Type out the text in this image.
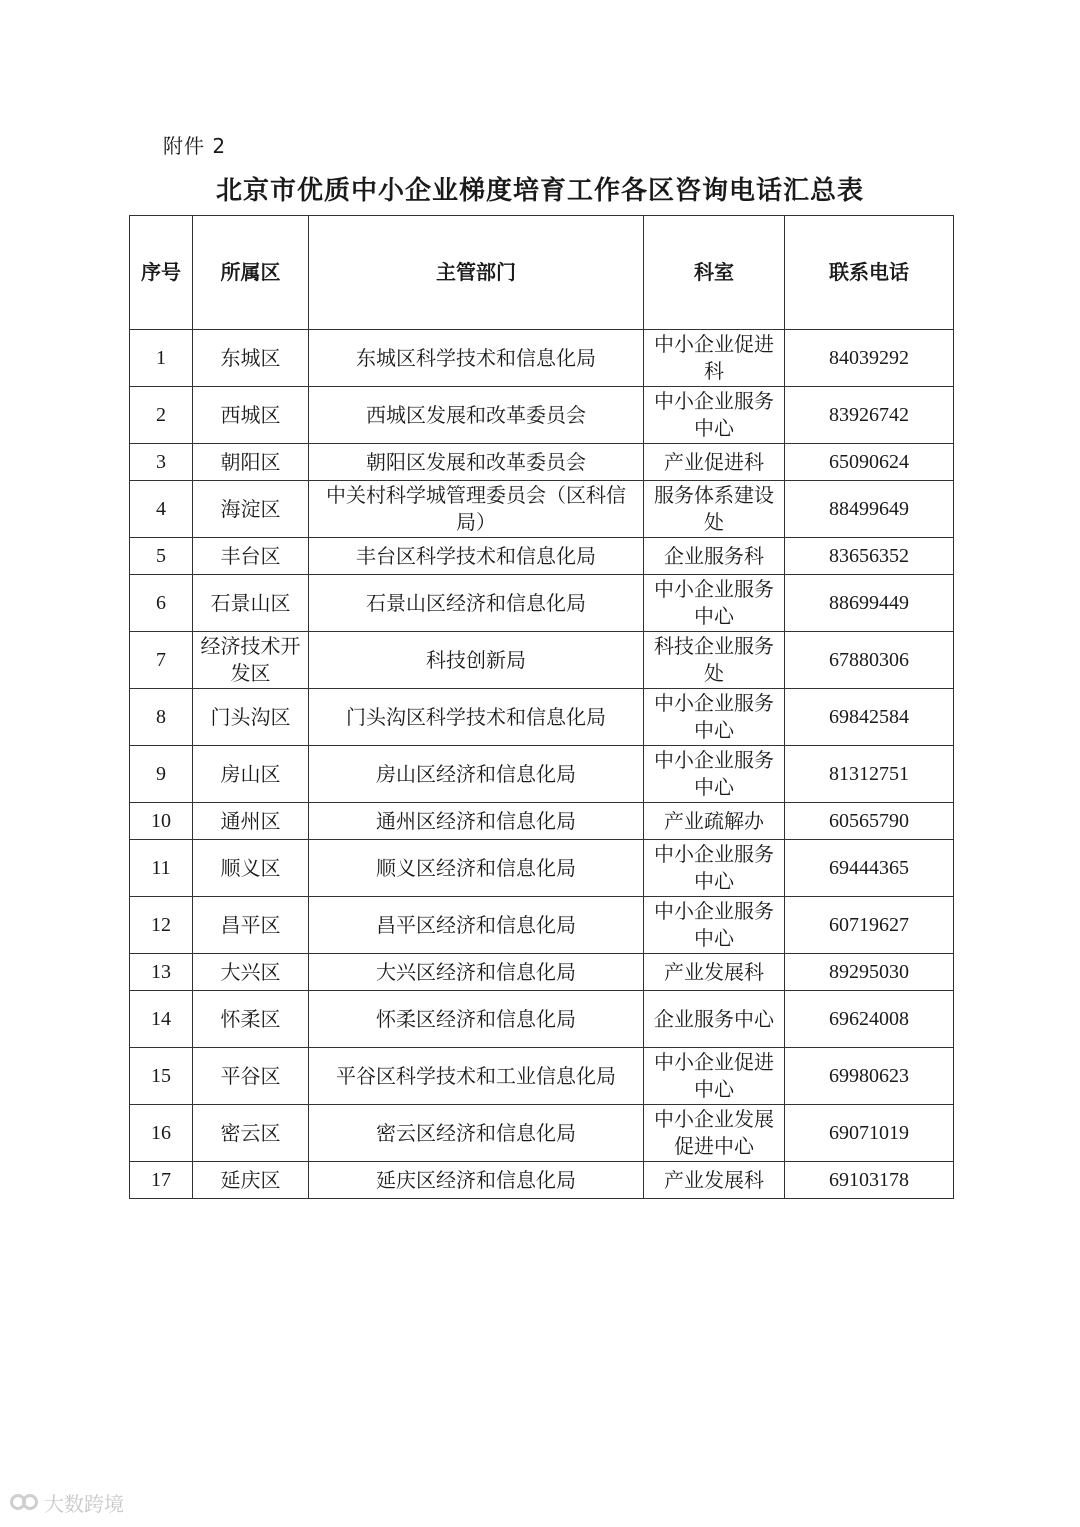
附件 2
北京市优质中小企业梯度培育工作各区咨询电话汇总表
序号	所属区	主管部门	科室	联系电话
1	东城区	东城区科学技术和信息化局	中小企业促进科	84039292
2	西城区	西城区发展和改革委员会	中小企业服务中心	83926742
3	朝阳区	朝阳区发展和改革委员会	产业促进科	65090624
4	海淀区	中关村科学城管理委员会（区科信局）	服务体系建设处	88499649
5	丰台区	丰台区科学技术和信息化局	企业服务科	83656352
6	石景山区	石景山区经济和信息化局	中小企业服务中心	88699449
7	经济技术开发区	科技创新局	科技企业服务处	67880306
8	门头沟区	门头沟区科学技术和信息化局	中小企业服务中心	69842584
9	房山区	房山区经济和信息化局	中小企业服务中心	81312751
10	通州区	通州区经济和信息化局	产业疏解办	60565790
11	顺义区	顺义区经济和信息化局	中小企业服务中心	69444365
12	昌平区	昌平区经济和信息化局	中小企业服务中心	60719627
13	大兴区	大兴区经济和信息化局	产业发展科	89295030
14	怀柔区	怀柔区经济和信息化局	企业服务中心	69624008
15	平谷区	平谷区科学技术和工业信息化局	中小企业促进中心	69980623
16	密云区	密云区经济和信息化局	中小企业发展促进中心	69071019
17	延庆区	延庆区经济和信息化局	产业发展科	69103178
大数跨境
